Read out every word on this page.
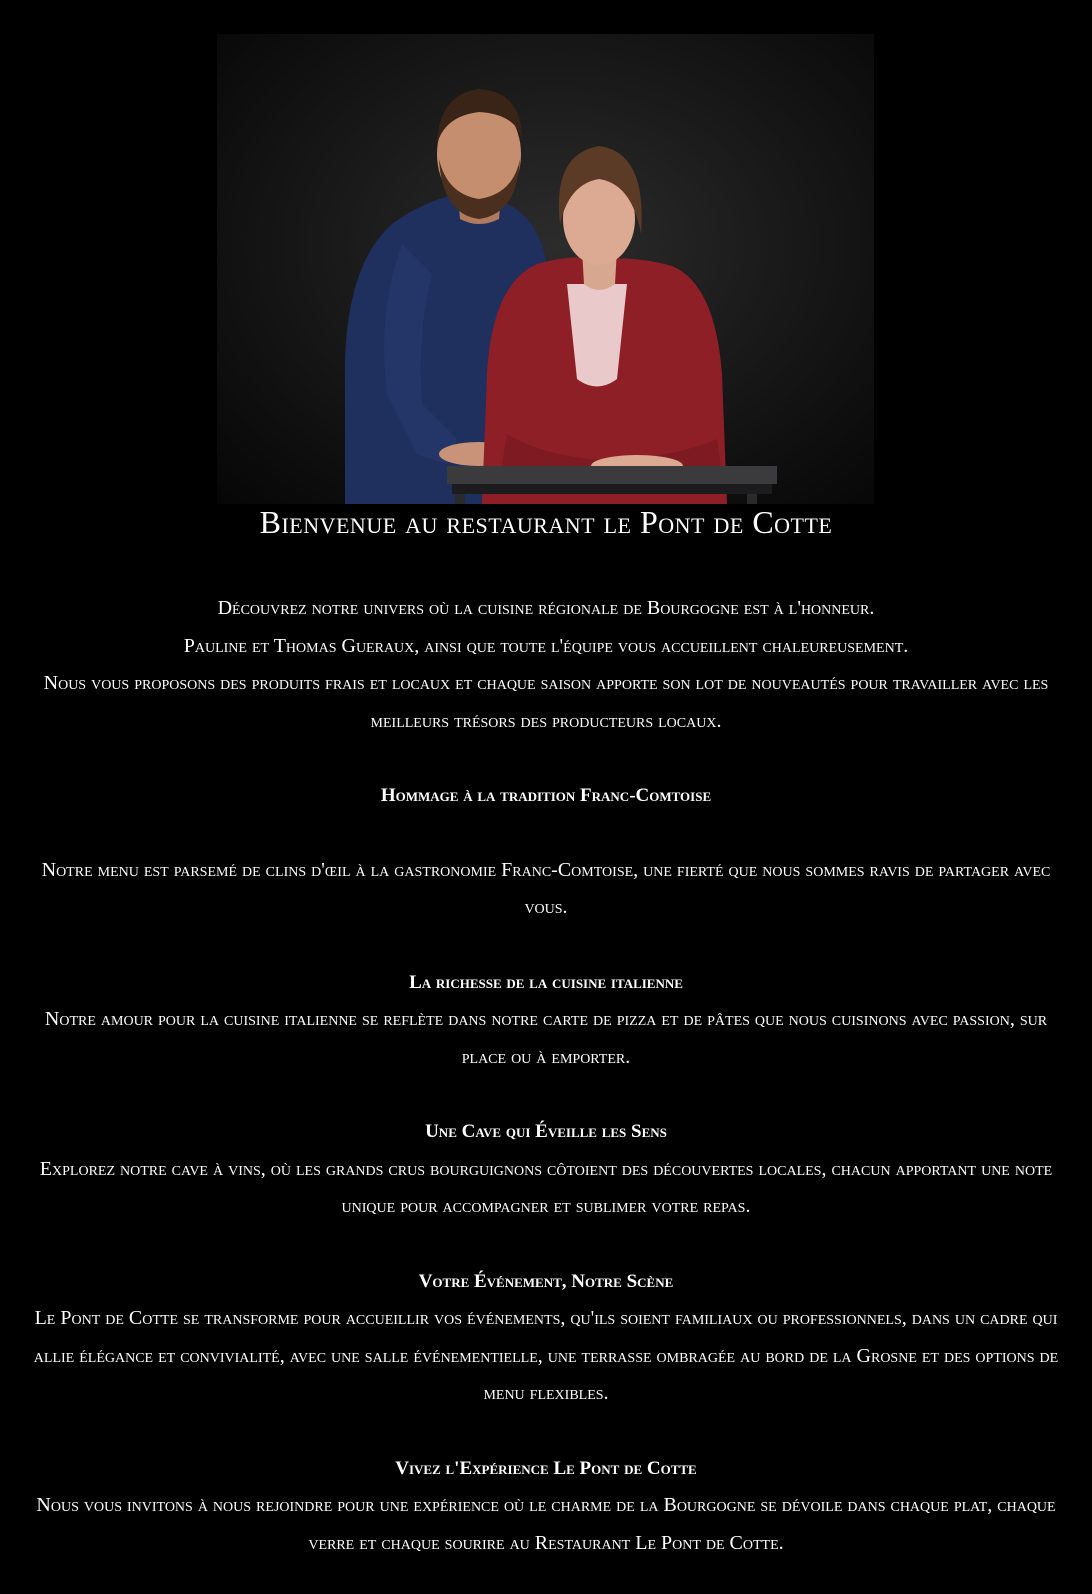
Bienvenue au restaurant le Pont de Cotte

Découvrez notre univers où la cuisine régionale de Bourgogne est à l'honneur.

Pauline et Thomas Gueraux, ainsi que toute l'équipe vous accueillent chaleureusement.

Nous vous proposons des produits frais et locaux et chaque saison apporte son lot de nouveautés pour travailler avec les meilleurs trésors des producteurs locaux.

Hommage à la tradition Franc-Comtoise

Notre menu est parsemé de clins d'œil à la gastronomie Franc-Comtoise, une fierté que nous sommes ravis de partager avec vous.

La richesse de la cuisine italienne

Notre amour pour la cuisine italienne se reflète dans notre carte de pizza et de pâtes que nous cuisinons avec passion, sur place ou à emporter.

Une Cave qui Éveille les Sens

Explorez notre cave à vins, où les grands crus bourguignons côtoient des découvertes locales, chacun apportant une note unique pour accompagner et sublimer votre repas.

Votre Événement, Notre Scène

Le Pont de Cotte se transforme pour accueillir vos événements, qu'ils soient familiaux ou professionnels, dans un cadre qui allie élégance et convivialité, avec une salle événementielle, une terrasse ombragée au bord de la Grosne et des options de menu flexibles.

Vivez l'Expérience Le Pont de Cotte

Nous vous invitons à nous rejoindre pour une expérience où le charme de la Bourgogne se dévoile dans chaque plat, chaque verre et chaque sourire au Restaurant Le Pont de Cotte.
